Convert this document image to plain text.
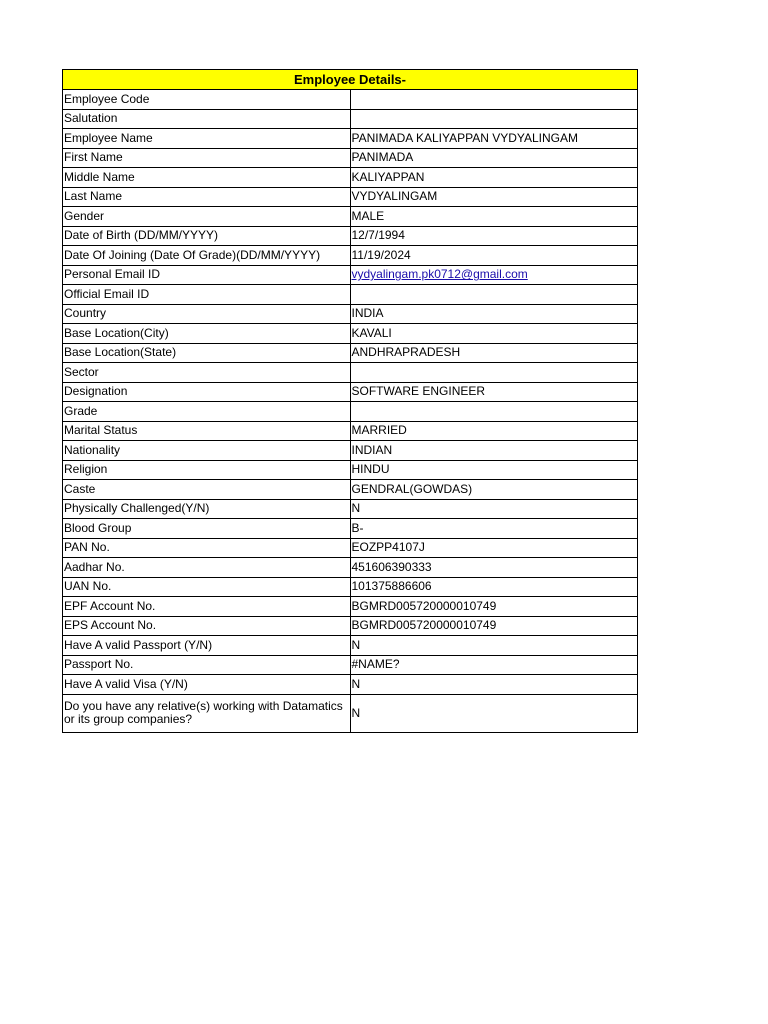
Employee Details-	
Employee Code	
Salutation	
Employee Name	PANIMADA KALIYAPPAN VYDYALINGAM
First Name	PANIMADA
Middle Name	KALIYAPPAN
Last Name	VYDYALINGAM
Gender	MALE
Date of Birth (DD/MM/YYYY)	12/7/1994
Date Of Joining (Date Of Grade)(DD/MM/YYYY)	11/19/2024
Personal Email ID	vydyalingam.pk0712@gmail.com
Official Email ID	
Country	INDIA
Base Location(City)	KAVALI
Base Location(State)	ANDHRAPRADESH
Sector	
Designation	SOFTWARE ENGINEER
Grade	
Marital Status	MARRIED
Nationality	INDIAN
Religion	HINDU
Caste	GENDRAL(GOWDAS)
Physically Challenged(Y/N)	N
Blood Group	B-
PAN No.	EOZPP4107J
Aadhar No.	451606390333
UAN No.	101375886606
EPF Account No.	BGMRD005720000010749
EPS Account No.	BGMRD005720000010749
Have A valid Passport (Y/N)	N
Passport No.	#NAME?
Have A valid Visa (Y/N)	N
Do you have any relative(s) working with Datamatics or its group companies?	N
